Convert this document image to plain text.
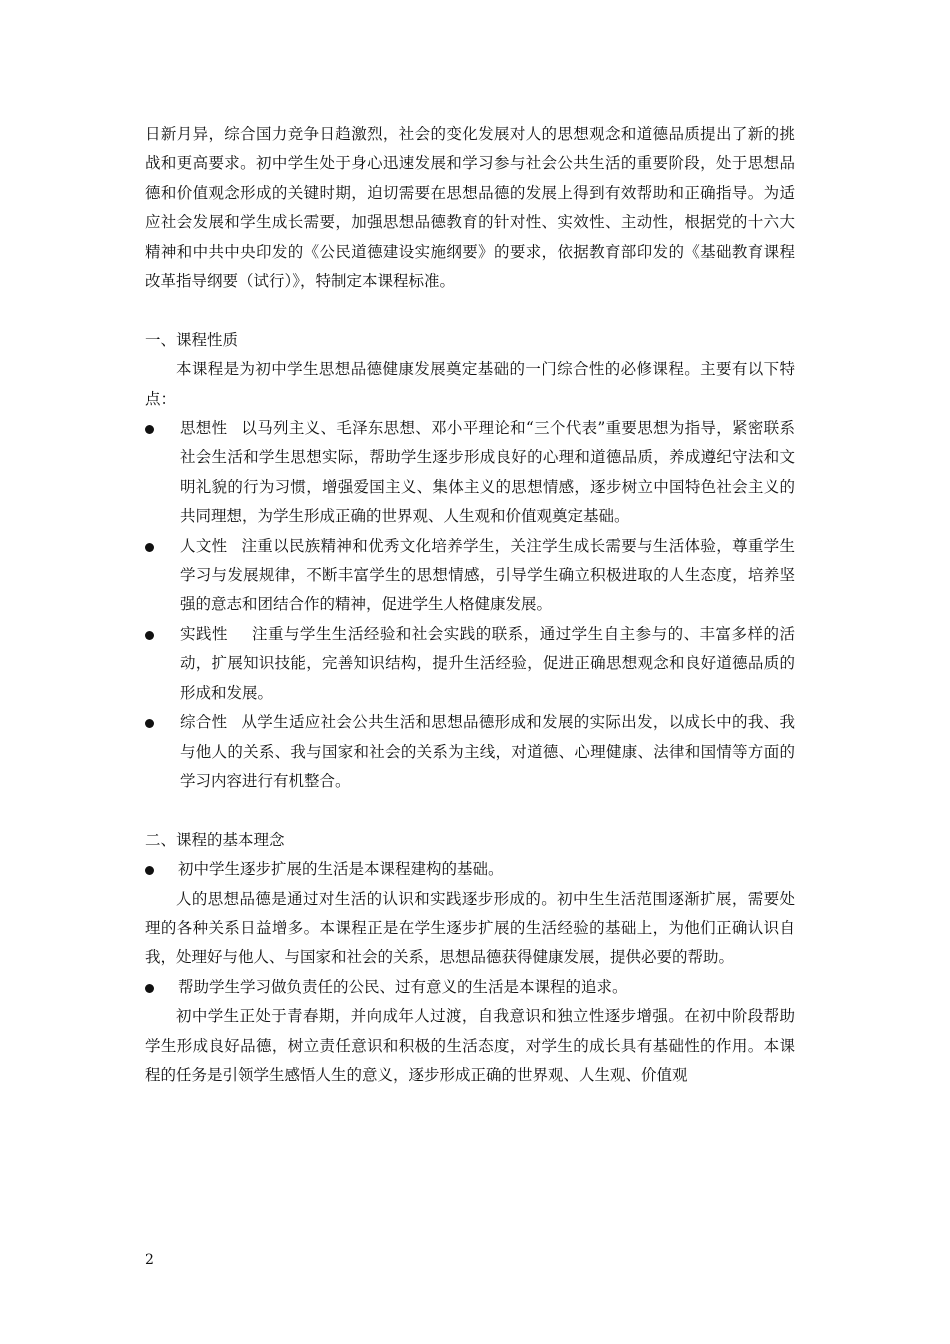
日新月异，综合国力竞争日趋激烈，社会的变化发展对人的思想观念和道德品质提出了新的挑战和更高要求。初中学生处于身心迅速发展和学习参与社会公共生活的重要阶段，处于思想品德和价值观念形成的关键时期，迫切需要在思想品德的发展上得到有效帮助和正确指导。为适应社会发展和学生成长需要，加强思想品德教育的针对性、实效性、主动性，根据党的十六大精神和中共中央印发的《公民道德建设实施纲要》的要求，依据教育部印发的《基础教育课程改革指导纲要（试行）》，特制定本课程标准。

一、课程性质

本课程是为初中学生思想品德健康发展奠定基础的一门综合性的必修课程。主要有以下特点：

思想性 以马列主义、毛泽东思想、邓小平理论和“三个代表”重要思想为指导，紧密联系社会生活和学生思想实际，帮助学生逐步形成良好的心理和道德品质，养成遵纪守法和文明礼貌的行为习惯，增强爱国主义、集体主义的思想情感，逐步树立中国特色社会主义的共同理想，为学生形成正确的世界观、人生观和价值观奠定基础。
人文性 注重以民族精神和优秀文化培养学生，关注学生成长需要与生活体验，尊重学生学习与发展规律，不断丰富学生的思想情感，引导学生确立积极进取的人生态度，培养坚强的意志和团结合作的精神，促进学生人格健康发展。
实践性 注重与学生生活经验和社会实践的联系，通过学生自主参与的、丰富多样的活动，扩展知识技能，完善知识结构，提升生活经验，促进正确思想观念和良好道德品质的形成和发展。
综合性 从学生适应社会公共生活和思想品德形成和发展的实际出发，以成长中的我、我与他人的关系、我与国家和社会的关系为主线，对道德、心理健康、法律和国情等方面的学习内容进行有机整合。

二、课程的基本理念

初中学生逐步扩展的生活是本课程建构的基础。

人的思想品德是通过对生活的认识和实践逐步形成的。初中生生活范围逐渐扩展，需要处理的各种关系日益增多。本课程正是在学生逐步扩展的生活经验的基础上，为他们正确认识自我，处理好与他人、与国家和社会的关系，思想品德获得健康发展，提供必要的帮助。

帮助学生学习做负责任的公民、过有意义的生活是本课程的追求。

初中学生正处于青春期，并向成年人过渡，自我意识和独立性逐步增强。在初中阶段帮助学生形成良好品德，树立责任意识和积极的生活态度，对学生的成长具有基础性的作用。本课程的任务是引领学生感悟人生的意义，逐步形成正确的世界观、人生观、价值观

2
